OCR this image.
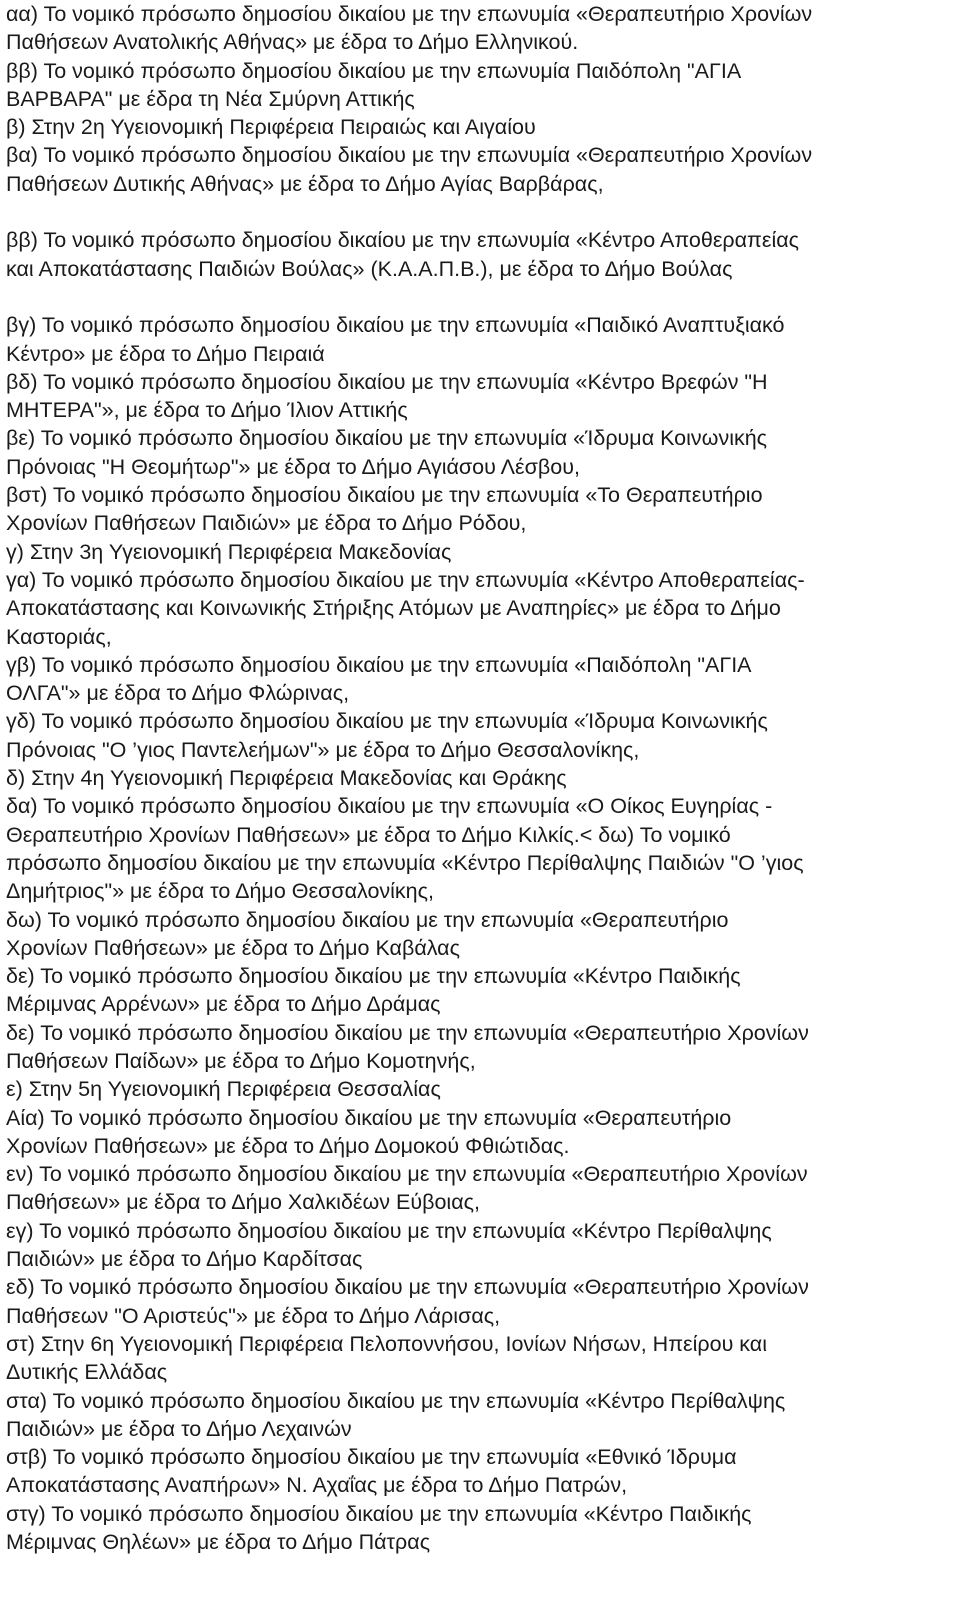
αα) Το νομικό πρόσωπο δημοσίου δικαίου με την επωνυμία «Θεραπευτήριο Χρονίων
Παθήσεων Ανατολικής Αθήνας» με έδρα το Δήμο Ελληνικού.
ββ) Το νομικό πρόσωπο δημοσίου δικαίου με την επωνυμία Παιδόπολη "ΑΓΙΑ
ΒΑΡΒΑΡΑ" με έδρα τη Νέα Σμύρνη Αττικής
β) Στην 2η Υγειονομική Περιφέρεια Πειραιώς και Αιγαίου
βα) Το νομικό πρόσωπο δημοσίου δικαίου με την επωνυμία «Θεραπευτήριο Χρονίων
Παθήσεων Δυτικής Αθήνας» με έδρα το Δήμο Αγίας Βαρβάρας,
ββ) Το νομικό πρόσωπο δημοσίου δικαίου με την επωνυμία «Κέντρο Αποθεραπείας
και Αποκατάστασης Παιδιών Βούλας» (Κ.Α.Α.Π.Β.), με έδρα το Δήμο Βούλας
βγ) Το νομικό πρόσωπο δημοσίου δικαίου με την επωνυμία «Παιδικό Αναπτυξιακό
Κέντρο» με έδρα το Δήμο Πειραιά
βδ) Το νομικό πρόσωπο δημοσίου δικαίου με την επωνυμία «Κέντρο Βρεφών "Η
ΜΗΤΕΡΑ"», με έδρα το Δήμο Ίλιον Αττικής
βε) Το νομικό πρόσωπο δημοσίου δικαίου με την επωνυμία «Ίδρυμα Κοινωνικής
Πρόνοιας "Η Θεομήτωρ"» με έδρα το Δήμο Αγιάσου Λέσβου,
βστ) Το νομικό πρόσωπο δημοσίου δικαίου με την επωνυμία «Το Θεραπευτήριο
Χρονίων Παθήσεων Παιδιών» με έδρα το Δήμο Ρόδου,
γ) Στην 3η Υγειονομική Περιφέρεια Μακεδονίας
γα) Το νομικό πρόσωπο δημοσίου δικαίου με την επωνυμία «Κέντρο Αποθεραπείας-
Αποκατάστασης και Κοινωνικής Στήριξης Ατόμων με Αναπηρίες» με έδρα το Δήμο
Καστοριάς,
γβ) Το νομικό πρόσωπο δημοσίου δικαίου με την επωνυμία «Παιδόπολη "ΑΓΙΑ
ΟΛΓΑ"» με έδρα το Δήμο Φλώρινας,
γδ) Το νομικό πρόσωπο δημοσίου δικαίου με την επωνυμία «Ίδρυμα Κοινωνικής
Πρόνοιας "Ο ’γιος Παντελεήμων"» με έδρα το Δήμο Θεσσαλονίκης,
δ) Στην 4η Υγειονομική Περιφέρεια Μακεδονίας και Θράκης
δα) Το νομικό πρόσωπο δημοσίου δικαίου με την επωνυμία «Ο Οίκος Ευγηρίας -
Θεραπευτήριο Χρονίων Παθήσεων» με έδρα το Δήμο Κιλκίς.< δω) Το νομικό
πρόσωπο δημοσίου δικαίου με την επωνυμία «Κέντρο Περίθαλψης Παιδιών "Ο ’γιος
Δημήτριος"» με έδρα το Δήμο Θεσσαλονίκης,
δω) Το νομικό πρόσωπο δημοσίου δικαίου με την επωνυμία «Θεραπευτήριο
Χρονίων Παθήσεων» με έδρα το Δήμο Καβάλας
δε) Το νομικό πρόσωπο δημοσίου δικαίου με την επωνυμία «Κέντρο Παιδικής
Μέριμνας Αρρένων» με έδρα το Δήμο Δράμας
δε) Το νομικό πρόσωπο δημοσίου δικαίου με την επωνυμία «Θεραπευτήριο Χρονίων
Παθήσεων Παίδων» με έδρα το Δήμο Κομοτηνής,
ε) Στην 5η Υγειονομική Περιφέρεια Θεσσαλίας
Αία) Το νομικό πρόσωπο δημοσίου δικαίου με την επωνυμία «Θεραπευτήριο
Χρονίων Παθήσεων» με έδρα το Δήμο Δομοκού Φθιώτιδας.
εν) Το νομικό πρόσωπο δημοσίου δικαίου με την επωνυμία «Θεραπευτήριο Χρονίων
Παθήσεων» με έδρα το Δήμο Χαλκιδέων Εύβοιας,
εγ) Το νομικό πρόσωπο δημοσίου δικαίου με την επωνυμία «Κέντρο Περίθαλψης
Παιδιών» με έδρα το Δήμο Καρδίτσας
εδ) Το νομικό πρόσωπο δημοσίου δικαίου με την επωνυμία «Θεραπευτήριο Χρονίων
Παθήσεων "Ο Αριστεύς"» με έδρα το Δήμο Λάρισας,
στ) Στην 6η Υγειονομική Περιφέρεια Πελοποννήσου, Ιονίων Νήσων, Ηπείρου και
Δυτικής Ελλάδας
στα) Το νομικό πρόσωπο δημοσίου δικαίου με την επωνυμία «Κέντρο Περίθαλψης
Παιδιών» με έδρα το Δήμο Λεχαινών
στβ) Το νομικό πρόσωπο δημοσίου δικαίου με την επωνυμία «Εθνικό Ίδρυμα
Αποκατάστασης Αναπήρων» Ν. Αχαΐας με έδρα το Δήμο Πατρών,
στγ) Το νομικό πρόσωπο δημοσίου δικαίου με την επωνυμία «Κέντρο Παιδικής
Μέριμνας Θηλέων» με έδρα το Δήμο Πάτρας
